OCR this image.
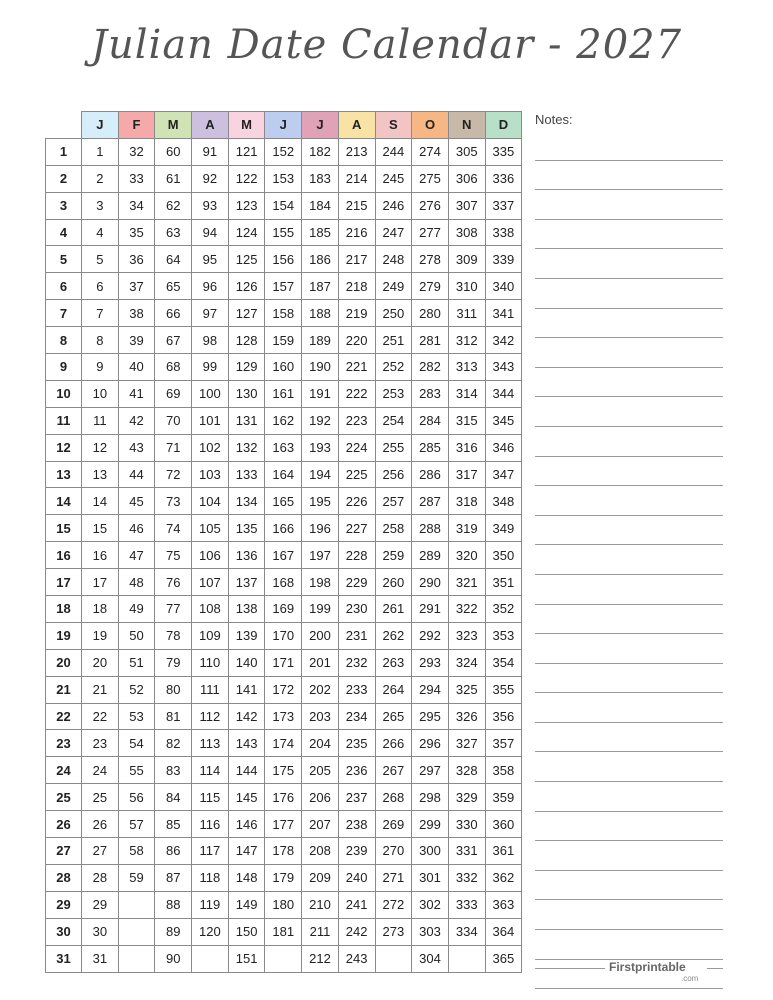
Julian Date Calendar - 2027
	J	F	M	A	M	J	J	A	S	O	N	D
1	1	32	60	91	121	152	182	213	244	274	305	335
2	2	33	61	92	122	153	183	214	245	275	306	336
3	3	34	62	93	123	154	184	215	246	276	307	337
4	4	35	63	94	124	155	185	216	247	277	308	338
5	5	36	64	95	125	156	186	217	248	278	309	339
6	6	37	65	96	126	157	187	218	249	279	310	340
7	7	38	66	97	127	158	188	219	250	280	311	341
8	8	39	67	98	128	159	189	220	251	281	312	342
9	9	40	68	99	129	160	190	221	252	282	313	343
10	10	41	69	100	130	161	191	222	253	283	314	344
11	11	42	70	101	131	162	192	223	254	284	315	345
12	12	43	71	102	132	163	193	224	255	285	316	346
13	13	44	72	103	133	164	194	225	256	286	317	347
14	14	45	73	104	134	165	195	226	257	287	318	348
15	15	46	74	105	135	166	196	227	258	288	319	349
16	16	47	75	106	136	167	197	228	259	289	320	350
17	17	48	76	107	137	168	198	229	260	290	321	351
18	18	49	77	108	138	169	199	230	261	291	322	352
19	19	50	78	109	139	170	200	231	262	292	323	353
20	20	51	79	110	140	171	201	232	263	293	324	354
21	21	52	80	111	141	172	202	233	264	294	325	355
22	22	53	81	112	142	173	203	234	265	295	326	356
23	23	54	82	113	143	174	204	235	266	296	327	357
24	24	55	83	114	144	175	205	236	267	297	328	358
25	25	56	84	115	145	176	206	237	268	298	329	359
26	26	57	85	116	146	177	207	238	269	299	330	360
27	27	58	86	117	147	178	208	239	270	300	331	361
28	28	59	87	118	148	179	209	240	271	301	332	362
29	29		88	119	149	180	210	241	272	302	333	363
30	30		89	120	150	181	211	242	273	303	334	364
31	31		90		151		212	243		304		365
Notes:
Firstprintable
.com
